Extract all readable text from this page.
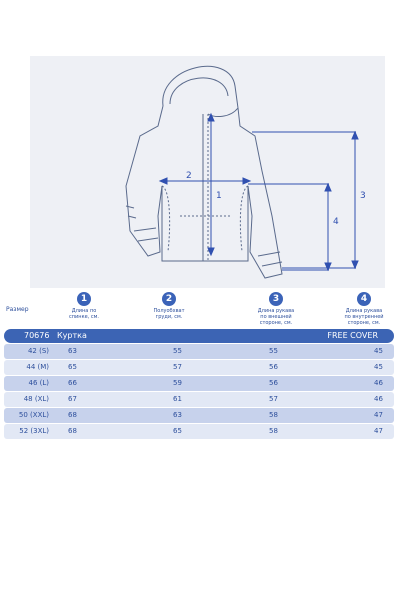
1
2
3
4
Размер
1
Длина по
спинке, см.
2
Полуобхват
груди, см.
3
Длина рукава
по внешней
стороне, см.
4
Длина рукава
по внутренней
стороне, см.
70676 Куртка	FREE COVER
42 (S)	63	55	55	45
44 (M)	65	57	56	45
46 (L)	66	59	56	46
48 (XL)	67	61	57	46
50 (XXL)	68	63	58	47
52 (3XL)	68	65	58	47
